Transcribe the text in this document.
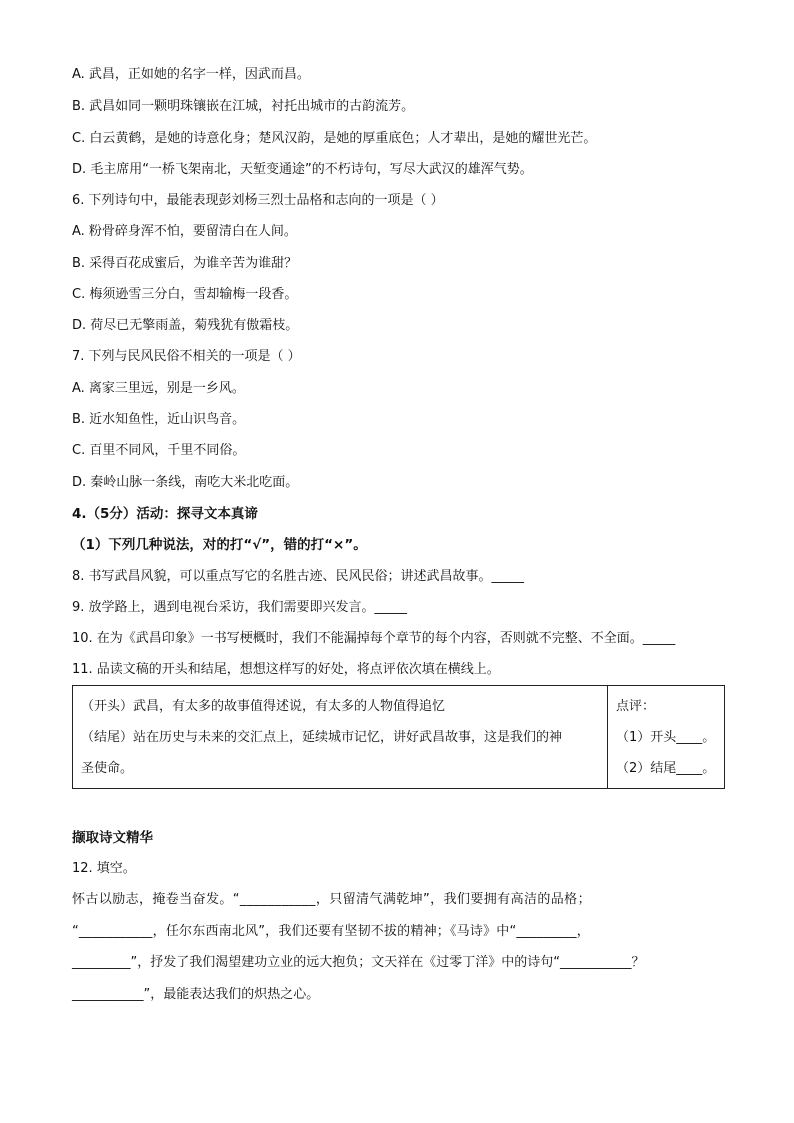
A. 武昌，正如她的名字一样，因武而昌。
B. 武昌如同一颗明珠镶嵌在江城，衬托出城市的古韵流芳。
C. 白云黄鹤，是她的诗意化身；楚风汉韵，是她的厚重底色；人才辈出，是她的耀世光芒。
D. 毛主席用“一桥飞架南北，天堑变通途”的不朽诗句，写尽大武汉的雄浑气势。
6. 下列诗句中，最能表现彭刘杨三烈士品格和志向的一项是（ ）
A. 粉骨碎身浑不怕，要留清白在人间。
B. 采得百花成蜜后，为谁辛苦为谁甜？
C. 梅须逊雪三分白，雪却输梅一段香。
D. 荷尽已无擎雨盖，菊残犹有傲霜枝。
7. 下列与民风民俗不相关的一项是（ ）
A. 离家三里远，别是一乡风。
B. 近水知鱼性，近山识鸟音。
C. 百里不同风，千里不同俗。
D. 秦岭山脉一条线，南吃大米北吃面。
4.（5分）活动：探寻文本真谛
（1）下列几种说法，对的打“√”，错的打“×”。
8. 书写武昌风貌，可以重点写它的名胜古迹、民风民俗；讲述武昌故事。_____
9. 放学路上，遇到电视台采访，我们需要即兴发言。_____
10. 在为《武昌印象》一书写梗概时，我们不能漏掉每个章节的每个内容，否则就不完整、不全面。_____
11. 品读文稿的开头和结尾，想想这样写的好处，将点评依次填在横线上。
（开头）武昌，有太多的故事值得述说，有太多的人物值得追忆
（结尾）站在历史与未来的交汇点上，延续城市记忆，讲好武昌故事，这是我们的神
圣使命。

点评：
（1）开头____。
（2）结尾____。
撷取诗文精华
12. 填空。
怀古以励志，掩卷当奋发。“___________，只留清气满乾坤”，我们要拥有高洁的品格；
“___________，任尔东西南北风”，我们还要有坚韧不拔的精神；《马诗》中“_________，
_________”，抒发了我们渴望建功立业的远大抱负；文天祥在《过零丁洋》中的诗句“___________？
___________”，最能表达我们的炽热之心。
